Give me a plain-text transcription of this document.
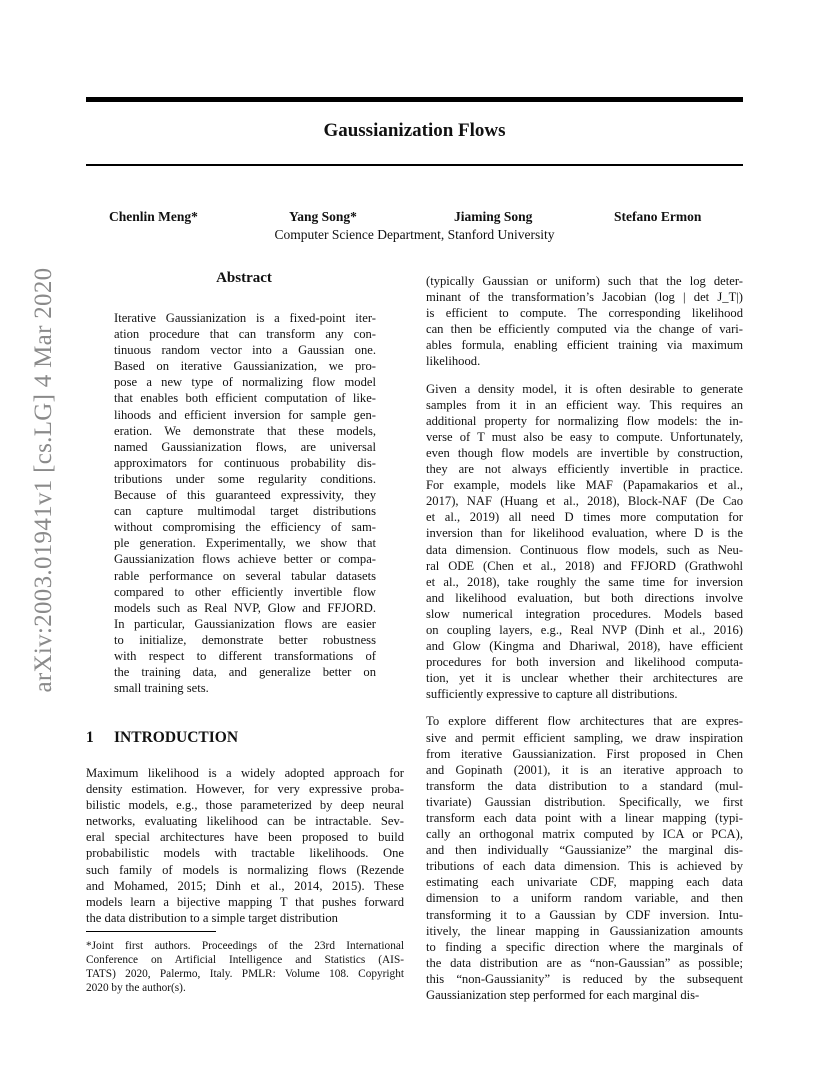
arXiv:2003.01941v1 [cs.LG] 4 Mar 2020
Gaussianization Flows
Chenlin Meng*	Yang Song*	Jiaming Song	Stefano Ermon
Computer Science Department, Stanford University
Abstract
Iterative Gaussianization is a fixed-point iter-
ation procedure that can transform any con-
tinuous random vector into a Gaussian one.
Based on iterative Gaussianization, we pro-
pose a new type of normalizing flow model
that enables both efficient computation of like-
lihoods and efficient inversion for sample gen-
eration. We demonstrate that these models,
named Gaussianization flows, are universal
approximators for continuous probability dis-
tributions under some regularity conditions.
Because of this guaranteed expressivity, they
can capture multimodal target distributions
without compromising the efficiency of sam-
ple generation. Experimentally, we show that
Gaussianization flows achieve better or compa-
rable performance on several tabular datasets
compared to other efficiently invertible flow
models such as Real NVP, Glow and FFJORD.
In particular, Gaussianization flows are easier
to initialize, demonstrate better robustness
with respect to different transformations of
the training data, and generalize better on
small training sets.
1 INTRODUCTION
Maximum likelihood is a widely adopted approach for
density estimation. However, for very expressive proba-
bilistic models, e.g., those parameterized by deep neural
networks, evaluating likelihood can be intractable. Sev-
eral special architectures have been proposed to build
probabilistic models with tractable likelihoods. One
such family of models is normalizing flows (Rezende
and Mohamed, 2015; Dinh et al., 2014, 2015). These
models learn a bijective mapping T that pushes forward
the data distribution to a simple target distribution
*Joint first authors. Proceedings of the 23rd International
Conference on Artificial Intelligence and Statistics (AIS-
TATS) 2020, Palermo, Italy. PMLR: Volume 108. Copyright
2020 by the author(s).

(typically Gaussian or uniform) such that the log deter-
minant of the transformation’s Jacobian (log | det J_T|)
is efficient to compute. The corresponding likelihood
can then be efficiently computed via the change of vari-
ables formula, enabling efficient training via maximum
likelihood.

Given a density model, it is often desirable to generate
samples from it in an efficient way. This requires an
additional property for normalizing flow models: the in-
verse of T must also be easy to compute. Unfortunately,
even though flow models are invertible by construction,
they are not always efficiently invertible in practice.
For example, models like MAF (Papamakarios et al.,
2017), NAF (Huang et al., 2018), Block-NAF (De Cao
et al., 2019) all need D times more computation for
inversion than for likelihood evaluation, where D is the
data dimension. Continuous flow models, such as Neu-
ral ODE (Chen et al., 2018) and FFJORD (Grathwohl
et al., 2018), take roughly the same time for inversion
and likelihood evaluation, but both directions involve
slow numerical integration procedures. Models based
on coupling layers, e.g., Real NVP (Dinh et al., 2016)
and Glow (Kingma and Dhariwal, 2018), have efficient
procedures for both inversion and likelihood computa-
tion, yet it is unclear whether their architectures are
sufficiently expressive to capture all distributions.

To explore different flow architectures that are expres-
sive and permit efficient sampling, we draw inspiration
from iterative Gaussianization. First proposed in Chen
and Gopinath (2001), it is an iterative approach to
transform the data distribution to a standard (mul-
tivariate) Gaussian distribution. Specifically, we first
transform each data point with a linear mapping (typi-
cally an orthogonal matrix computed by ICA or PCA),
and then individually “Gaussianize” the marginal dis-
tributions of each data dimension. This is achieved by
estimating each univariate CDF, mapping each data
dimension to a uniform random variable, and then
transforming it to a Gaussian by CDF inversion. Intu-
itively, the linear mapping in Gaussianization amounts
to finding a specific direction where the marginals of
the data distribution are as “non-Gaussian” as possible;
this “non-Gaussianity” is reduced by the subsequent
Gaussianization step performed for each marginal dis-
